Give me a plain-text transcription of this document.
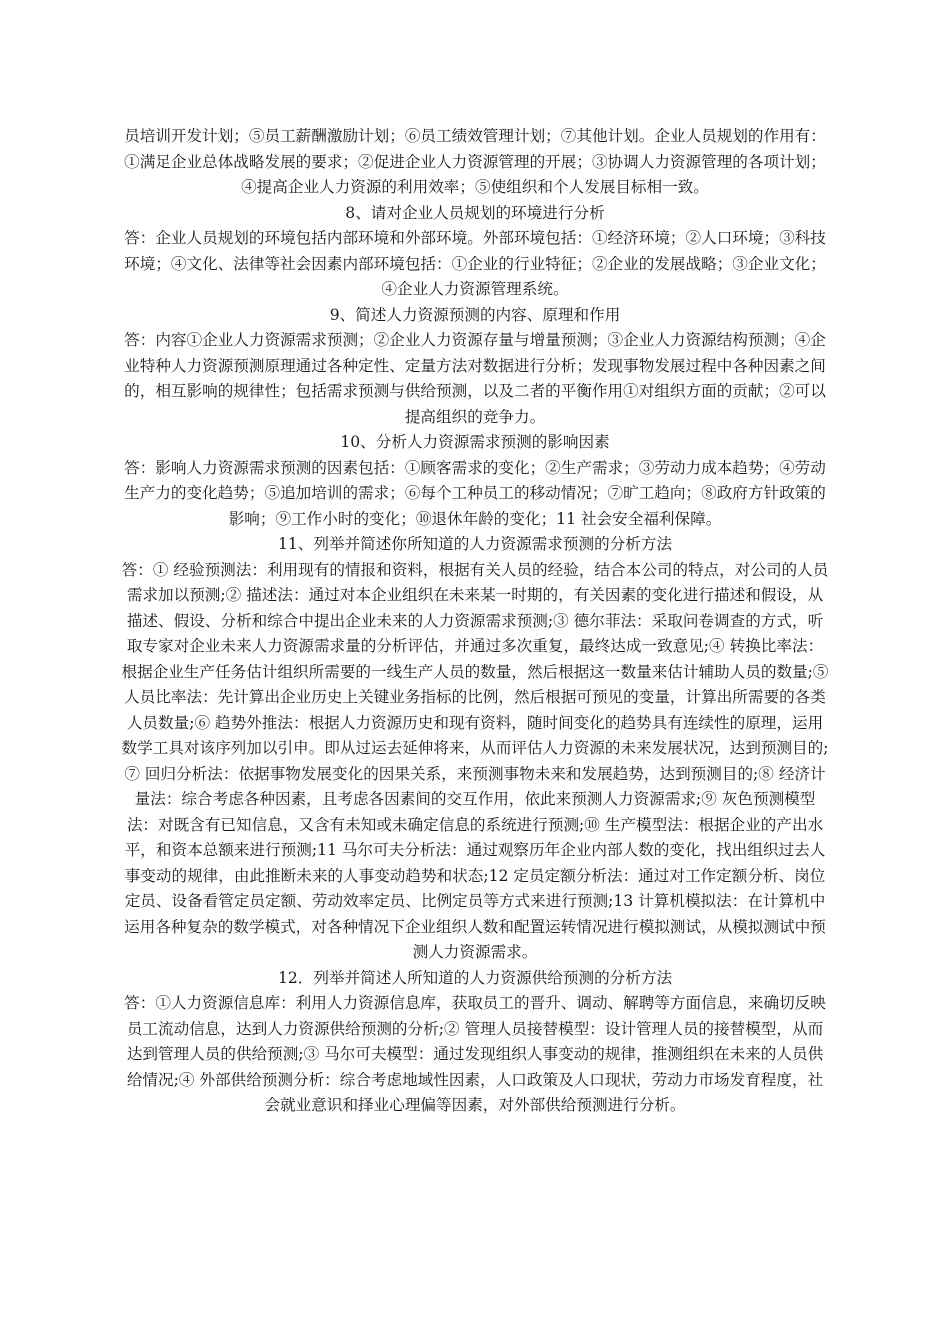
员培训开发计划；⑤员工薪酬激励计划；⑥员工绩效管理计划；⑦其他计划。企业人员规划的作用有：①满足企业总体战略发展的要求；②促进企业人力资源管理的开展；③协调人力资源管理的各项计划；④提高企业人力资源的利用效率；⑤使组织和个人发展目标相一致。
8、请对企业人员规划的环境进行分析
答：企业人员规划的环境包括内部环境和外部环境。外部环境包括：①经济环境；②人口环境；③科技环境；④文化、法律等社会因素内部环境包括：①企业的行业特征；②企业的发展战略；③企业文化；④企业人力资源管理系统。
9、简述人力资源预测的内容、原理和作用
答：内容①企业人力资源需求预测；②企业人力资源存量与增量预测；③企业人力资源结构预测；④企业特种人力资源预测原理通过各种定性、定量方法对数据进行分析；发现事物发展过程中各种因素之间的，相互影响的规律性；包括需求预测与供给预测，以及二者的平衡作用①对组织方面的贡献；②可以提高组织的竞争力。
10、分析人力资源需求预测的影响因素
答：影响人力资源需求预测的因素包括：①顾客需求的变化；②生产需求；③劳动力成本趋势；④劳动生产力的变化趋势；⑤追加培训的需求；⑥每个工种员工的移动情况；⑦旷工趋向；⑧政府方针政策的影响；⑨工作小时的变化；⑩退休年龄的变化；11 社会安全福利保障。
11、列举并简述你所知道的人力资源需求预测的分析方法
答：① 经验预测法：利用现有的情报和资料，根据有关人员的经验，结合本公司的特点，对公司的人员需求加以预测;② 描述法：通过对本企业组织在未来某一时期的，有关因素的变化进行描述和假设，从描述、假设、分析和综合中提出企业未来的人力资源需求预测;③ 德尔菲法：采取问卷调查的方式，听取专家对企业未来人力资源需求量的分析评估，并通过多次重复，最终达成一致意见;④ 转换比率法：根据企业生产任务估计组织所需要的一线生产人员的数量，然后根据这一数量来估计辅助人员的数量;⑤ 人员比率法：先计算出企业历史上关键业务指标的比例，然后根据可预见的变量，计算出所需要的各类人员数量;⑥ 趋势外推法：根据人力资源历史和现有资料，随时间变化的趋势具有连续性的原理，运用数学工具对该序列加以引申。即从过运去延伸将来，从而评估人力资源的未来发展状况，达到预测目的;⑦ 回归分析法：依据事物发展变化的因果关系，来预测事物未来和发展趋势，达到预测目的;⑧ 经济计量法：综合考虑各种因素，且考虑各因素间的交互作用，依此来预测人力资源需求;⑨ 灰色预测模型法：对既含有已知信息，又含有未知或未确定信息的系统进行预测;⑩ 生产模型法：根据企业的产出水平，和资本总额来进行预测;11 马尔可夫分析法：通过观察历年企业内部人数的变化，找出组织过去人事变动的规律，由此推断未来的人事变动趋势和状态;12 定员定额分析法：通过对工作定额分析、岗位定员、设备看管定员定额、劳动效率定员、比例定员等方式来进行预测;13 计算机模拟法：在计算机中运用各种复杂的数学模式，对各种情况下企业组织人数和配置运转情况进行模拟测试，从模拟测试中预测人力资源需求。
12．列举并简述人所知道的人力资源供给预测的分析方法
答：①人力资源信息库：利用人力资源信息库，获取员工的晋升、调动、解聘等方面信息，来确切反映员工流动信息，达到人力资源供给预测的分析;② 管理人员接替模型：设计管理人员的接替模型，从而达到管理人员的供给预测;③ 马尔可夫模型：通过发现组织人事变动的规律，推测组织在未来的人员供给情况;④ 外部供给预测分析：综合考虑地域性因素，人口政策及人口现状，劳动力市场发育程度，社会就业意识和择业心理偏等因素，对外部供给预测进行分析。
